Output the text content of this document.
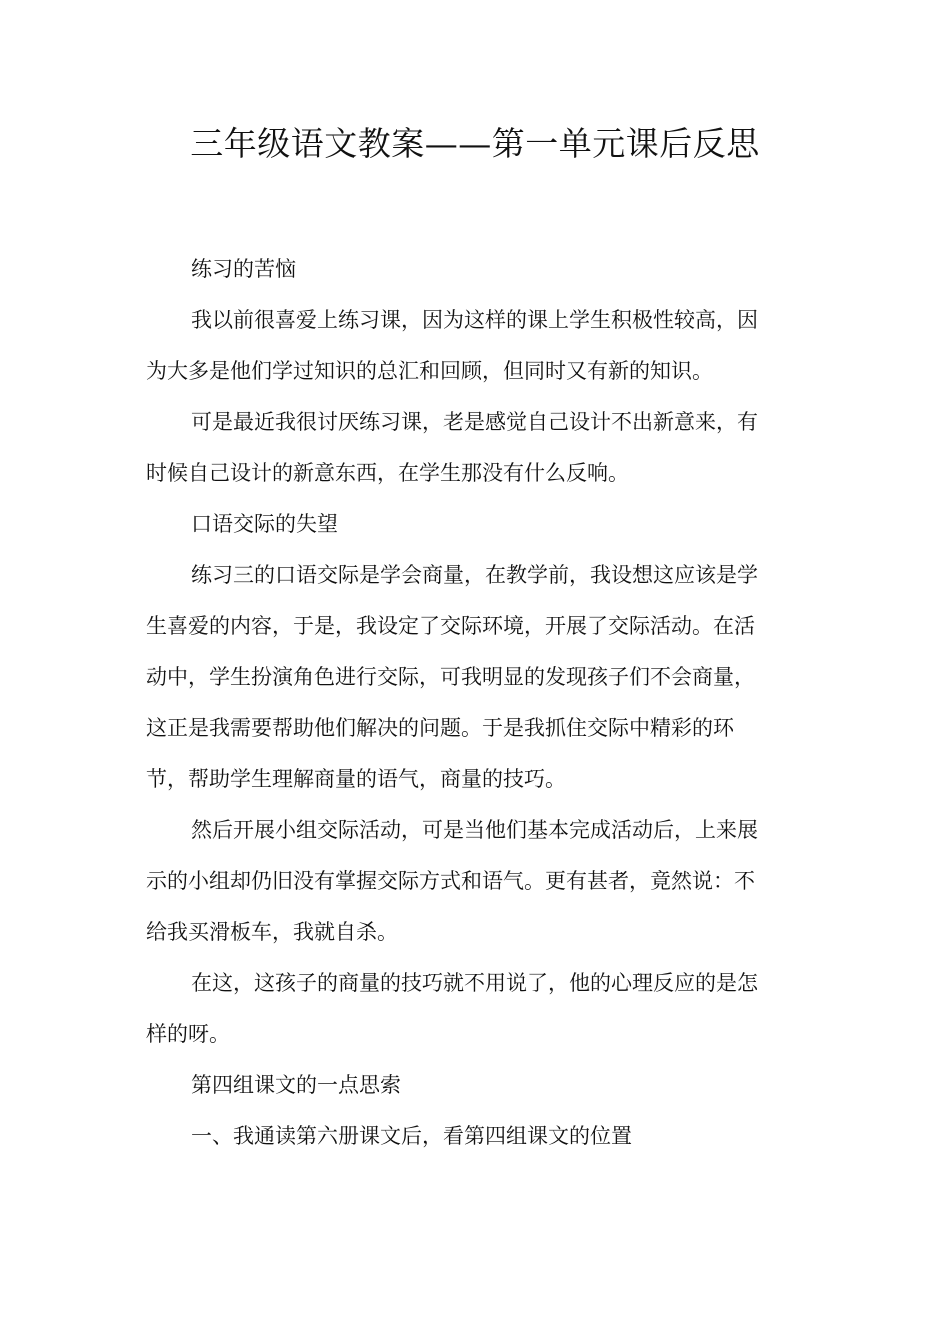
三年级语文教案——第一单元课后反思
练习的苦恼
我以前很喜爱上练习课，因为这样的课上学生积极性较高，因
为大多是他们学过知识的总汇和回顾，但同时又有新的知识。
可是最近我很讨厌练习课，老是感觉自己设计不出新意来，有
时候自己设计的新意东西，在学生那没有什么反响。
口语交际的失望
练习三的口语交际是学会商量，在教学前，我设想这应该是学
生喜爱的内容，于是，我设定了交际环境，开展了交际活动。在活
动中，学生扮演角色进行交际，可我明显的发现孩子们不会商量，
这正是我需要帮助他们解决的问题。于是我抓住交际中精彩的环
节，帮助学生理解商量的语气，商量的技巧。
然后开展小组交际活动，可是当他们基本完成活动后，上来展
示的小组却仍旧没有掌握交际方式和语气。更有甚者，竟然说：不
给我买滑板车，我就自杀。
在这，这孩子的商量的技巧就不用说了，他的心理反应的是怎
样的呀。
第四组课文的一点思索
一、我通读第六册课文后，看第四组课文的位置
